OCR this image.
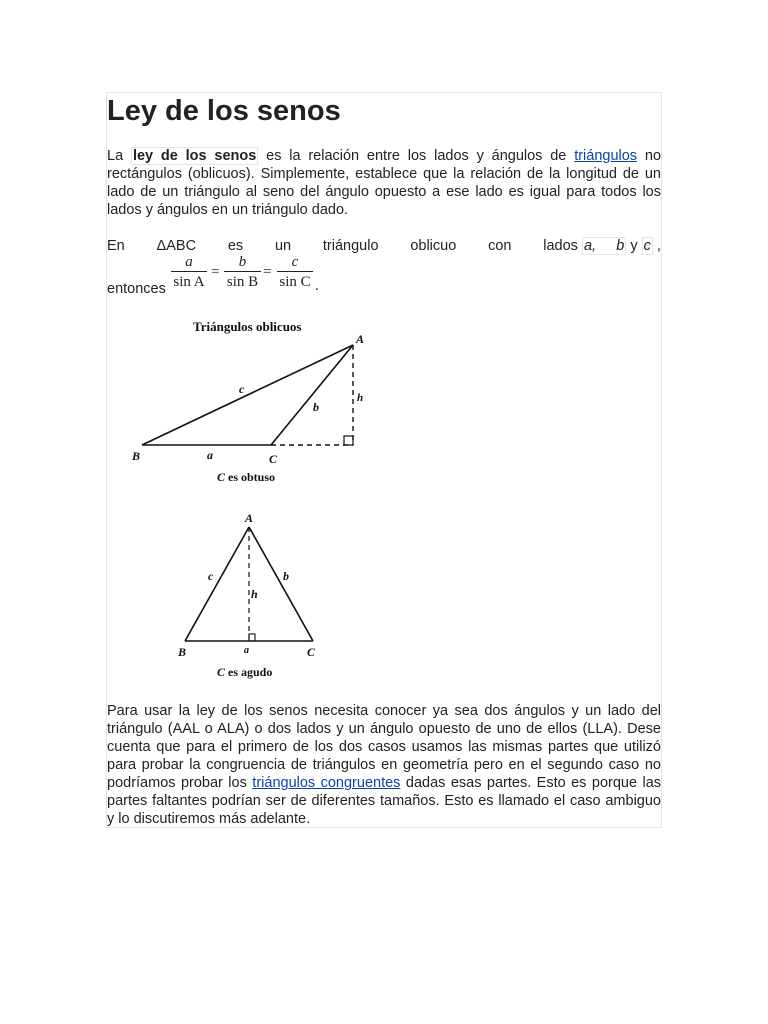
Ley de los senos

La ley de los senos es la relación entre los lados y ángulos de triángulos no rectángulos (oblicuos). Simplemente, establece que la relación de la longitud de un lado de un triángulo al seno del ángulo opuesto a ese lado es igual para todos los lados y ángulos en un triángulo dado.

En ΔABC es un triángulo oblicuo con lados a, b y c ,
entonces
a
sin A
=
b
sin B
=
c
sin C .
Triángulos oblicuos
A
B	C
a
b
c
h
C es obtuso
A
B	C
a
b
c
h
C es agudo

Para usar la ley de los senos necesita conocer ya sea dos ángulos y un lado del triángulo (AAL o ALA) o dos lados y un ángulo opuesto de uno de ellos (LLA). Dese cuenta que para el primero de los dos casos usamos las mismas partes que utilizó para probar la congruencia de triángulos en geometría pero en el segundo caso no podríamos probar los triángulos congruentes dadas esas partes. Esto es porque las partes faltantes podrían ser de diferentes tamaños. Esto es llamado el caso ambiguo y lo discutiremos más adelante.
